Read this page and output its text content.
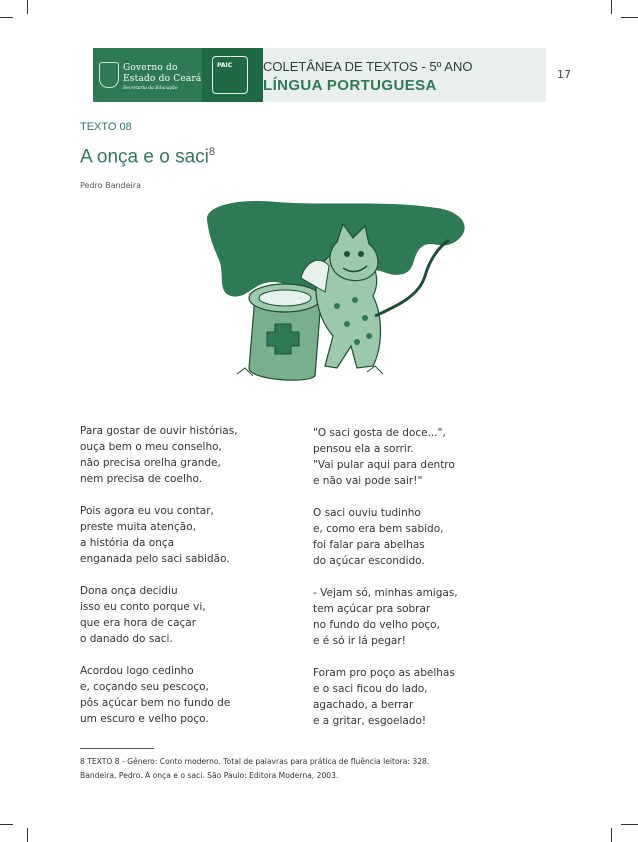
Governo do
Estado do Ceará
Secretaria da Educação
PAIC COLETÂNEA DE TEXTOS - 5º ANO
LÍNGUA PORTUGUESA
17
TEXTO 08
A onça e o saci$^8$
Pedro Bandeira

Para gostar de ouvir histórias,
ouça bem o meu conselho,
não precisa orelha grande,
nem precisa de coelho.

Pois agora eu vou contar,
preste muita atenção,
a história da onça
enganada pelo saci sabidão.

Dona onça decidiu
isso eu conto porque vi,
que era hora de caçar
o danado do saci.

Acordou logo cedinho
e, coçando seu pescoço,
pôs açúcar bem no fundo de
um escuro e velho poço.

"O saci gosta de doce...",
pensou ela a sorrir.
"Vai pular aqui para dentro
e não vai pode sair!"

O saci ouviu tudinho
e, como era bem sabido,
foi falar para abelhas
do açúcar escondido.

- Vejam só, minhas amigas,
tem açúcar pra sobrar
no fundo do velho poço,
e é só ir lá pegar!

Foram pro poço as abelhas
e o saci ficou do lado,
agachado, a berrar
e a gritar, esgoelado!

8 TEXTO 8 - Gênero: Conto moderno. Total de palavras para prática de fluência leitora: 328.
Bandeira, Pedro. A onça e o saci. São Paulo: Editora Moderna, 2003.
